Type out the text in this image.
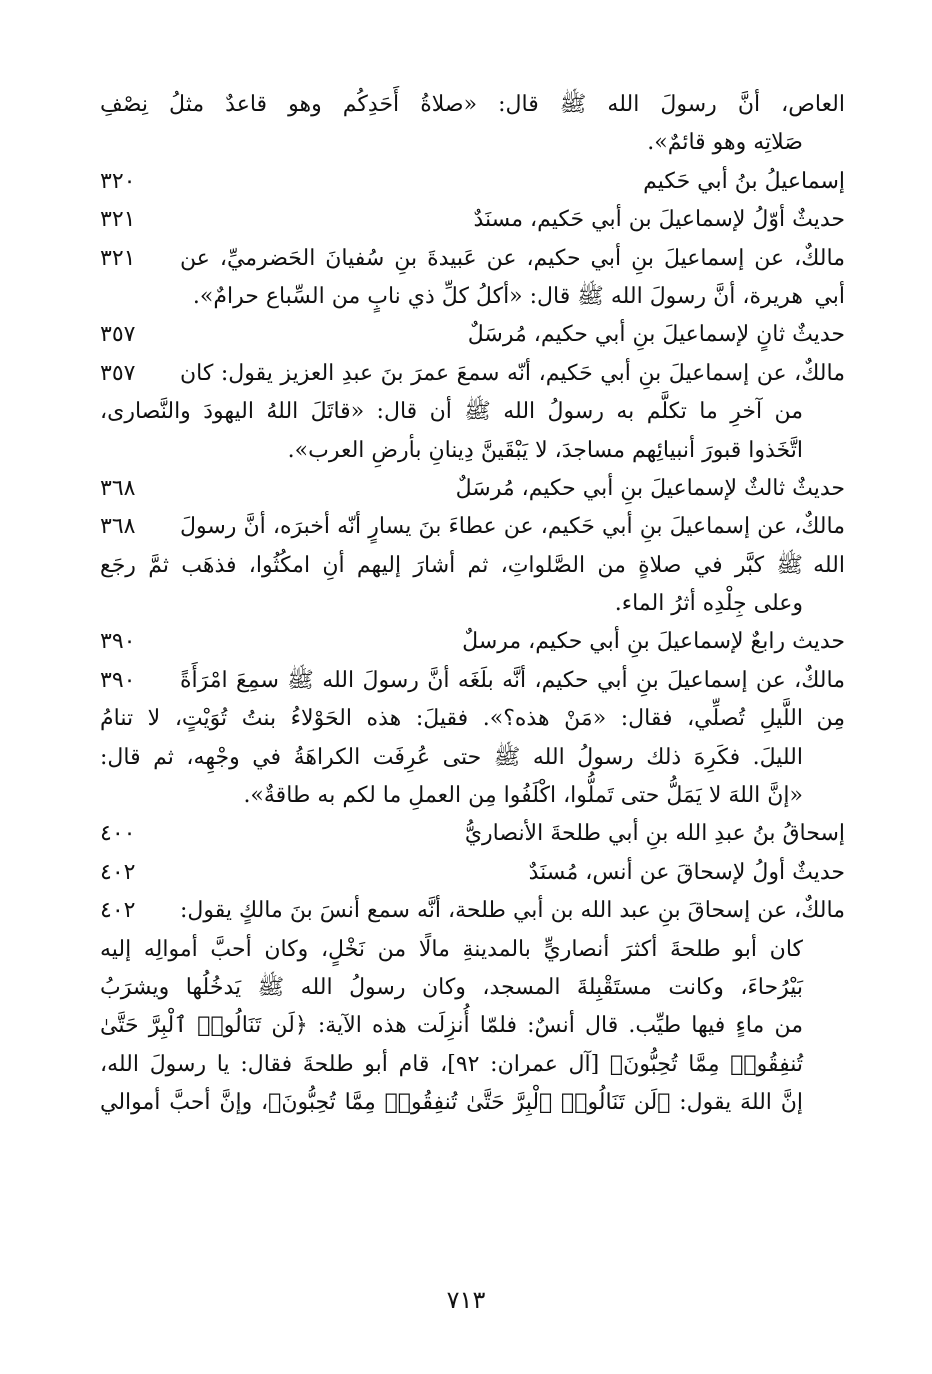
العاص، أنَّ رسولَ الله ﷺ قال: «صلاةُ أَحَدِكُم وهو قاعدٌ مثلُ نِصْفِ
صَلاتِه وهو قائمٌ».
إسماعيلُ بنُ أبي حَكيم
٣٢٠
حديثٌ أوّلُ لإسماعيلَ بن أبي حَكيم، مسنَدٌ
٣٢١
مالكٌ، عن إسماعيلَ بنِ أبي حكيم، عن عَبيدةَ بنِ سُفيانَ الحَضرميِّ، عن أبي
هريرة، أنَّ رسولَ الله ﷺ قال: «أكلُ كلِّ ذي نابٍ من السِّباع حرامٌ».
٣٢١
حديثٌ ثانٍ لإسماعيلَ بنِ أبي حكيم، مُرسَلٌ
٣٥٧
مالكٌ، عن إسماعيلَ بنِ أبي حَكيم، أنّه سمعَ عمرَ بنَ عبدِ العزيز يقول: كان
من آخرِ ما تكلَّم به رسولُ الله ﷺ أن قال: «قاتَلَ اللهُ اليهودَ والنَّصارى،
اتَّخَذوا قبورَ أنبيائِهم مساجدَ، لا يَبْقَينَّ دِينانِ بأرضِ العرب».
٣٥٧
حديثٌ ثالثٌ لإسماعيلَ بنِ أبي حكيم، مُرسَلٌ
٣٦٨
مالكٌ، عن إسماعيلَ بنِ أبي حَكيم، عن عطاءَ بنَ يسارٍ أنّه أخبرَه، أنَّ رسولَ الله
ﷺ كبَّر في صلاةٍ من الصَّلواتِ، ثم أشارَ إليهم أنِ امكُثُوا، فذهَب ثمَّ رجَع
وعلى جِلْدِه أثرُ الماء.
٣٦٨
حديث رابعٌ لإسماعيلَ بنِ أبي حكيم، مرسلٌ
٣٩٠
مالكٌ، عن إسماعيلَ بنِ أبي حكيم، أنَّه بلَغَه أنَّ رسولَ الله ﷺ سمِعَ امْرَأَةً مِن
اللَّيلِ تُصلِّي، فقال: «مَنْ هذه؟». فقيلَ: هذه الحَوْلاءُ بنتُ تُوَيْتٍ، لا تنامُ
الليلَ. فكَرِهَ ذلك رسولُ الله ﷺ حتى عُرِفَت الكراهَةُ في وجْهِه، ثم قال:
«إنَّ اللهَ لا يَمَلُّ حتى تَملُّوا، اكْلَفُوا مِن العملِ ما لكم به طاقةٌ».
٣٩٠
إسحاقُ بنُ عبدِ الله بنِ أبي طلحةَ الأنصاريُّ
٤٠٠
حديثٌ أولُ لإسحاقَ عن أنس، مُسنَدٌ
٤٠٢
مالكٌ، عن إسحاقَ بنِ عبد الله بن أبي طلحة، أنَّه سمع أنسَ بنَ مالكٍ يقول:
كان أبو طلحةَ أكثرَ أنصاريٍّ بالمدينةِ مالًا من نَخْلٍ، وكان أحبَّ أموالِه إليه
بَيْرُحاءَ، وكانت مستَقْبِلةَ المسجد، وكان رسولُ الله ﷺ يَدخُلُها ويشرَبُ
من ماءٍ فيها طيِّب. قال أنسٌ: فلمّا أُنزِلَت هذه الآية: ﴿لَن تَنَالُوا۟ ٱلْبِرَّ حَتَّىٰ
تُنفِقُوا۟ مِمَّا تُحِبُّونَ﴾ [آل عمران: ٩٢]، قام أبو طلحةَ فقال: يا رسولَ الله،
إنَّ اللهَ يقول: ﴿لَن تَنَالُوا۟ ٱلْبِرَّ حَتَّىٰ تُنفِقُوا۟ مِمَّا تُحِبُّونَ﴾، وإنَّ أحبَّ أموالي
٤٠٢
٧١٣
